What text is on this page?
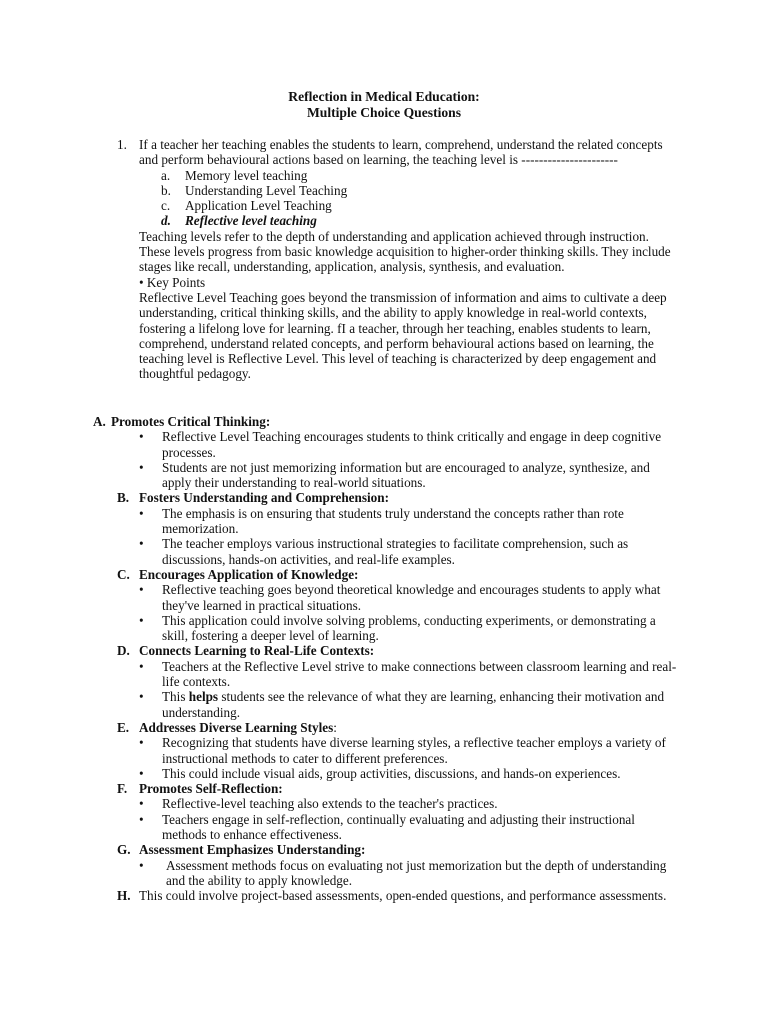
Reflection in Medical Education:
Multiple Choice Questions
1. If a teacher her teaching enables the students to learn, comprehend, understand the related concepts and perform behavioural actions based on learning, the teaching level is ----------------------
a. Memory level teaching
b. Understanding Level Teaching
c. Application Level Teaching
d. Reflective level teaching

Teaching levels refer to the depth of understanding and application achieved through instruction. These levels progress from basic knowledge acquisition to higher-order thinking skills. They include stages like recall, understanding, application, analysis, synthesis, and evaluation.

• Key Points

Reflective Level Teaching goes beyond the transmission of information and aims to cultivate a deep understanding, critical thinking skills, and the ability to apply knowledge in real-world contexts, fostering a lifelong love for learning. fI a teacher, through her teaching, enables students to learn, comprehend, understand related concepts, and perform behavioural actions based on learning, the teaching level is Reflective Level. This level of teaching is characterized by deep engagement and thoughtful pedagogy.

A. Promotes Critical Thinking:
• Reflective Level Teaching encourages students to think critically and engage in deep cognitive processes.
• Students are not just memorizing information but are encouraged to analyze, synthesize, and apply their understanding to real-world situations.
B. Fosters Understanding and Comprehension:
• The emphasis is on ensuring that students truly understand the concepts rather than rote memorization.
• The teacher employs various instructional strategies to facilitate comprehension, such as discussions, hands-on activities, and real-life examples.
C. Encourages Application of Knowledge:
• Reflective teaching goes beyond theoretical knowledge and encourages students to apply what they've learned in practical situations.
• This application could involve solving problems, conducting experiments, or demonstrating a skill, fostering a deeper level of learning.
D. Connects Learning to Real-Life Contexts:
• Teachers at the Reflective Level strive to make connections between classroom learning and real-life contexts.
• This helps students see the relevance of what they are learning, enhancing their motivation and understanding.
E. Addresses Diverse Learning Styles:
• Recognizing that students have diverse learning styles, a reflective teacher employs a variety of instructional methods to cater to different preferences.
• This could include visual aids, group activities, discussions, and hands-on experiences.
F. Promotes Self-Reflection:
• Reflective-level teaching also extends to the teacher's practices.
• Teachers engage in self-reflection, continually evaluating and adjusting their instructional methods to enhance effectiveness.
G. Assessment Emphasizes Understanding:
• Assessment methods focus on evaluating not just memorization but the depth of understanding and the ability to apply knowledge.
H. This could involve project-based assessments, open-ended questions, and performance assessments.
